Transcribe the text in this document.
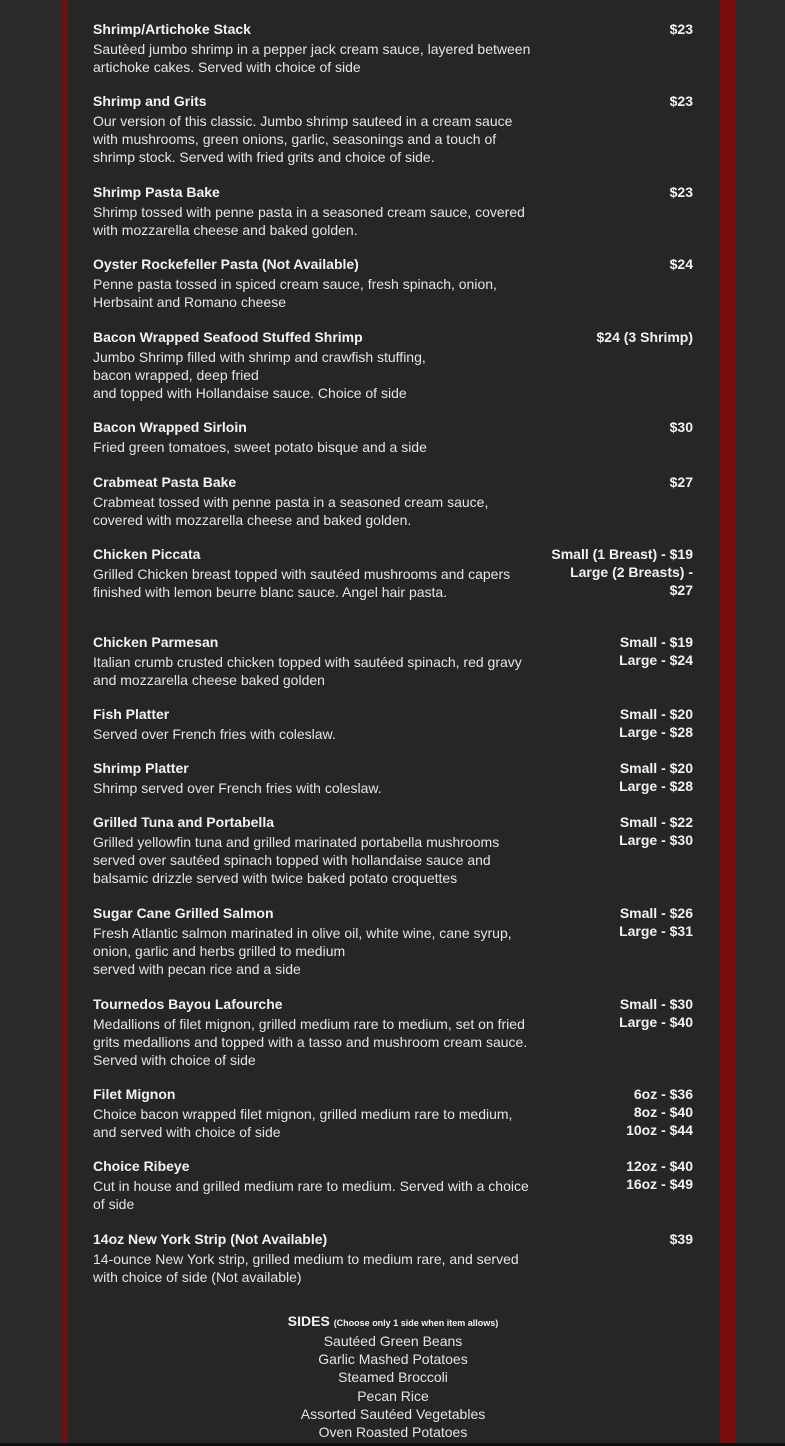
Shrimp/Artichoke Stack
Sautèed jumbo shrimp in a pepper jack cream sauce, layered between artichoke cakes. Served with choice of side
$23
Shrimp and Grits
Our version of this classic. Jumbo shrimp sauteed in a cream sauce with mushrooms, green onions, garlic, seasonings and a touch of shrimp stock. Served with fried grits and choice of side.
$23
Shrimp Pasta Bake
Shrimp tossed with penne pasta in a seasoned cream sauce, covered with mozzarella cheese and baked golden.
$23
Oyster Rockefeller Pasta (Not Available)
Penne pasta tossed in spiced cream sauce, fresh spinach, onion, Herbsaint and Romano cheese
$24
Bacon Wrapped Seafood Stuffed Shrimp
Jumbo Shrimp filled with shrimp and crawfish stuffing,
bacon wrapped, deep fried
and topped with Hollandaise sauce. Choice of side
$24 (3 Shrimp)
Bacon Wrapped Sirloin
Fried green tomatoes, sweet potato bisque and a side
$30
Crabmeat Pasta Bake
Crabmeat tossed with penne pasta in a seasoned cream sauce, covered with mozzarella cheese and baked golden.
$27
Chicken Piccata
Grilled Chicken breast topped with sautéed mushrooms and capers finished with lemon beurre blanc sauce. Angel hair pasta.
Small (1 Breast) - $19
Large (2 Breasts) - $27
Chicken Parmesan
Italian crumb crusted chicken topped with sautéed spinach, red gravy and mozzarella cheese baked golden
Small - $19
Large - $24
Fish Platter
Served over French fries with coleslaw.
Small - $20
Large - $28
Shrimp Platter
Shrimp served over French fries with coleslaw.
Small - $20
Large - $28
Grilled Tuna and Portabella
Grilled yellowfin tuna and grilled marinated portabella mushrooms served over sautéed spinach topped with hollandaise sauce and balsamic drizzle served with twice baked potato croquettes
Small - $22
Large - $30
Sugar Cane Grilled Salmon
Fresh Atlantic salmon marinated in olive oil, white wine, cane syrup, onion, garlic and herbs grilled to medium
served with pecan rice and a side
Small - $26
Large - $31
Tournedos Bayou Lafourche
Medallions of filet mignon, grilled medium rare to medium, set on fried grits medallions and topped with a tasso and mushroom cream sauce. Served with choice of side
Small - $30
Large - $40
Filet Mignon
Choice bacon wrapped filet mignon, grilled medium rare to medium, and served with choice of side
6oz - $36
8oz - $40
10oz - $44
Choice Ribeye
Cut in house and grilled medium rare to medium. Served with a choice of side
12oz - $40
16oz - $49
14oz New York Strip (Not Available)
14-ounce New York strip, grilled medium to medium rare, and served with choice of side (Not available)
$39
SIDES (Choose only 1 side when item allows)
Sautéed Green Beans
Garlic Mashed Potatoes
Steamed Broccoli
Pecan Rice
Assorted Sautéed Vegetables
Oven Roasted Potatoes
